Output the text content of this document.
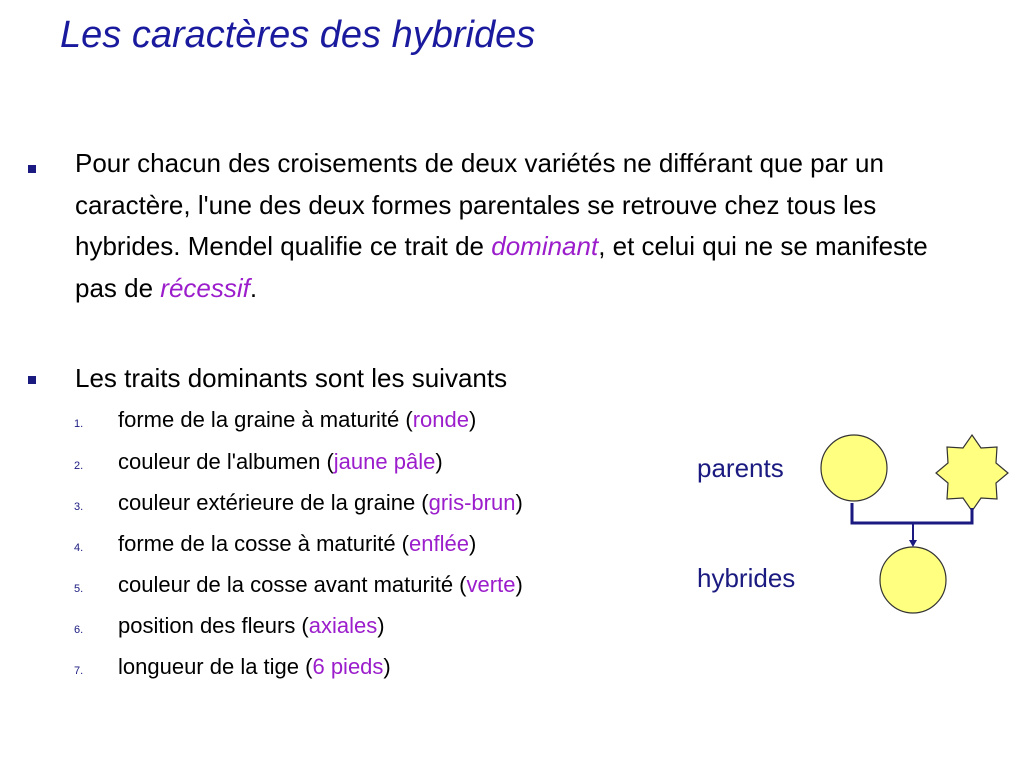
Les caractères des hybrides

Pour chacun des croisements de deux variétés ne différant que par un caractère, l'une des deux formes parentales se retrouve chez tous les hybrides. Mendel qualifie ce trait de dominant, et celui qui ne se manifeste pas de récessif.

Les traits dominants sont les suivants

1. forme de la graine à maturité (ronde)
2. couleur de l'albumen (jaune pâle)
3. couleur extérieure de la graine (gris-brun)
4. forme de la cosse à maturité (enflée)
5. couleur de la cosse avant maturité (verte)
6. position des fleurs (axiales)
7. longueur de la tige (6 pieds)
parents
hybrides
